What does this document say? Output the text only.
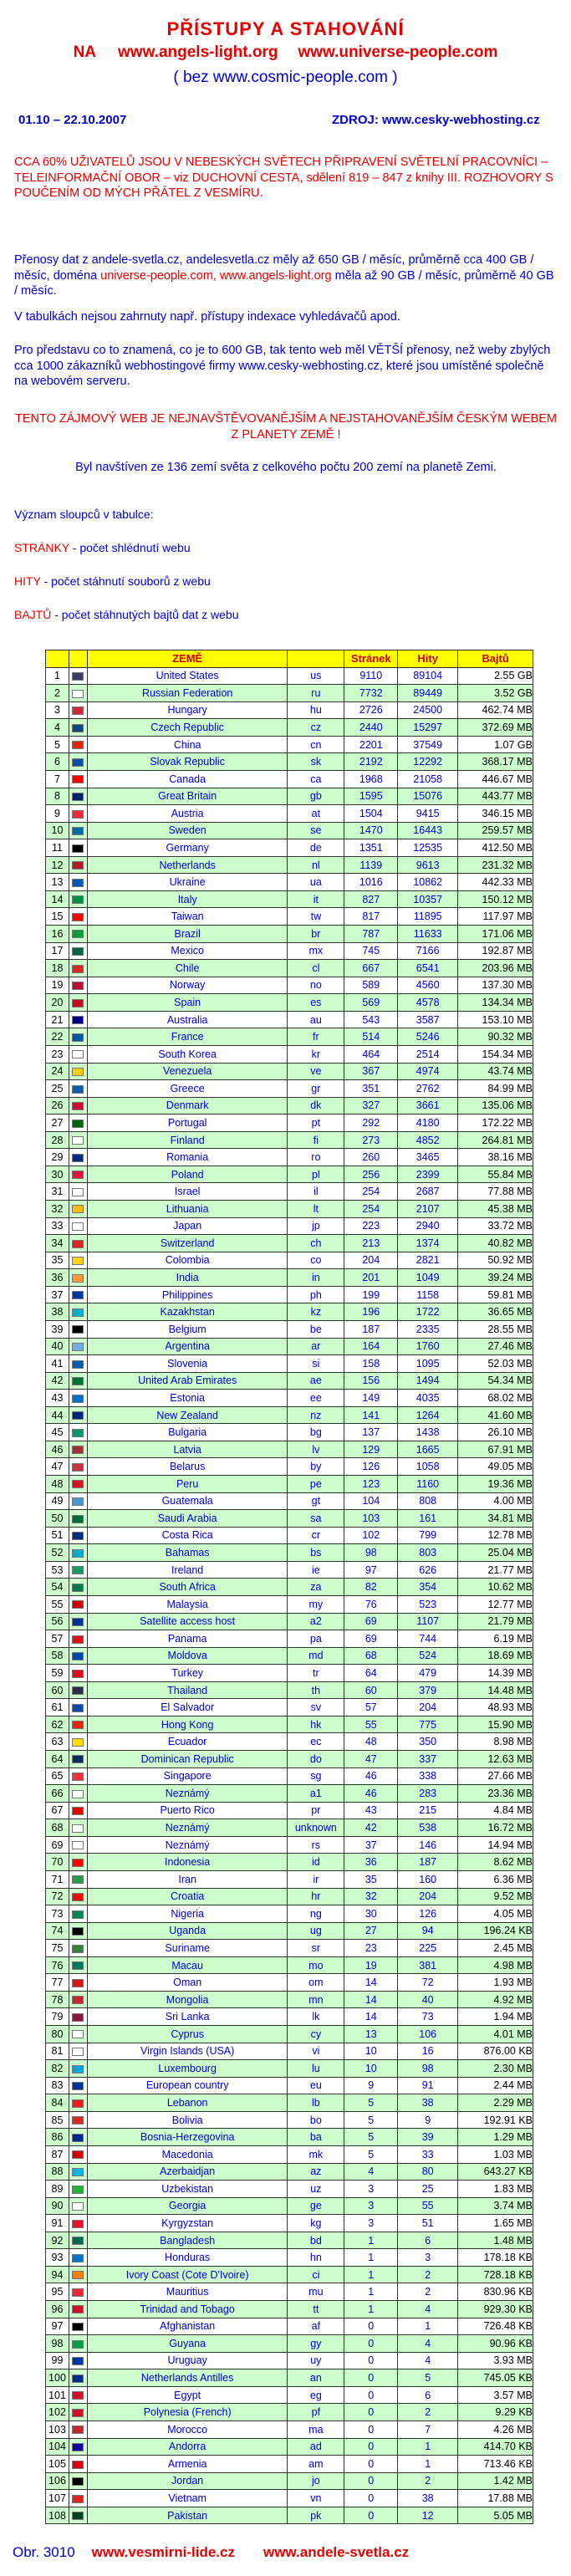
PŘÍSTUPY A STAHOVÁNÍ
NA www.angels-light.org www.universe-people.com
( bez www.cosmic-people.com )
01.10 – 22.10.2007	ZDROJ: www.cesky-webhosting.cz
CCA 60% UŽIVATELŮ JSOU V NEBESKÝCH SVĚTECH PŘIPRAVENÍ SVĚTELNÍ PRACOVNÍCI – TELEINFORMAČNÍ OBOR – viz DUCHOVNÍ CESTA, sdělení 819 – 847 z knihy III. ROZHOVORY S POUČENÍM OD MÝCH PŘÁTEL Z VESMÍRU.
Přenosy dat z andele-svetla.cz, andelesvetla.cz měly až 650 GB / měsíc, průměrně cca 400 GB / měsíc, doména universe-people.com, www.angels-light.org měla až 90 GB / měsíc, průměrně 40 GB / měsíc.
V tabulkách nejsou zahrnuty např. přístupy indexace vyhledávačů apod.
Pro představu co to znamená, co je to 600 GB, tak tento web měl VĚTŠÍ přenosy, než weby zbylých cca 1000 zákazníků webhostingové firmy www.cesky-webhosting.cz, které jsou umístěné společně na webovém serveru.
TENTO ZÁJMOVÝ WEB JE NEJNAVŠTĚVOVANĚJŠÍM A NEJSTAHOVANĚJŠÍM ČESKÝM WEBEM Z PLANETY ZEMĚ !
Byl navštíven ze 136 zemí světa z celkového počtu 200 zemí na planetě Zemi.
Význam sloupců v tabulce:
STRÁNKY - počet shlédnutí webu
HITY - počet stáhnutí souborů z webu
BAJTŮ - počet stáhnutých bajtů dat z webu
		ZEMĚ		Stránek	Hity	Bajtů
1		United States	us	9110	89104	2.55 GB
2		Russian Federation	ru	7732	89449	3.52 GB
3		Hungary	hu	2726	24500	462.74 MB
4		Czech Republic	cz	2440	15297	372.69 MB
5		China	cn	2201	37549	1.07 GB
6		Slovak Republic	sk	2192	12292	368.17 MB
7		Canada	ca	1968	21058	446.67 MB
8		Great Britain	gb	1595	15076	443.77 MB
9		Austria	at	1504	9415	346.15 MB
10		Sweden	se	1470	16443	259.57 MB
11		Germany	de	1351	12535	412.50 MB
12		Netherlands	nl	1139	9613	231.32 MB
13		Ukraine	ua	1016	10862	442.33 MB
14		Italy	it	827	10357	150.12 MB
15		Taiwan	tw	817	11895	117.97 MB
16		Brazil	br	787	11633	171.06 MB
17		Mexico	mx	745	7166	192.87 MB
18		Chile	cl	667	6541	203.96 MB
19		Norway	no	589	4560	137.30 MB
20		Spain	es	569	4578	134.34 MB
21		Australia	au	543	3587	153.10 MB
22		France	fr	514	5246	90.32 MB
23		South Korea	kr	464	2514	154.34 MB
24		Venezuela	ve	367	4974	43.74 MB
25		Greece	gr	351	2762	84.99 MB
26		Denmark	dk	327	3661	135.06 MB
27		Portugal	pt	292	4180	172.22 MB
28		Finland	fi	273	4852	264.81 MB
29		Romania	ro	260	3465	38.16 MB
30		Poland	pl	256	2399	55.84 MB
31		Israel	il	254	2687	77.88 MB
32		Lithuania	lt	254	2107	45.38 MB
33		Japan	jp	223	2940	33.72 MB
34		Switzerland	ch	213	1374	40.82 MB
35		Colombia	co	204	2821	50.92 MB
36		India	in	201	1049	39.24 MB
37		Philippines	ph	199	1158	59.81 MB
38		Kazakhstan	kz	196	1722	36.65 MB
39		Belgium	be	187	2335	28.55 MB
40		Argentina	ar	164	1760	27.46 MB
41		Slovenia	si	158	1095	52.03 MB
42		United Arab Emirates	ae	156	1494	54.34 MB
43		Estonia	ee	149	4035	68.02 MB
44		New Zealand	nz	141	1264	41.60 MB
45		Bulgaria	bg	137	1438	26.10 MB
46		Latvia	lv	129	1665	67.91 MB
47		Belarus	by	126	1058	49.05 MB
48		Peru	pe	123	1160	19.36 MB
49		Guatemala	gt	104	808	4.00 MB
50		Saudi Arabia	sa	103	161	34.81 MB
51		Costa Rica	cr	102	799	12.78 MB
52		Bahamas	bs	98	803	25.04 MB
53		Ireland	ie	97	626	21.77 MB
54		South Africa	za	82	354	10.62 MB
55		Malaysia	my	76	523	12.77 MB
56		Satellite access host	a2	69	1107	21.79 MB
57		Panama	pa	69	744	6.19 MB
58		Moldova	md	68	524	18.69 MB
59		Turkey	tr	64	479	14.39 MB
60		Thailand	th	60	379	14.48 MB
61		El Salvador	sv	57	204	48.93 MB
62		Hong Kong	hk	55	775	15.90 MB
63		Ecuador	ec	48	350	8.98 MB
64		Dominican Republic	do	47	337	12.63 MB
65		Singapore	sg	46	338	27.66 MB
66		Neznámý	a1	46	283	23.36 MB
67		Puerto Rico	pr	43	215	4.84 MB
68		Neznámý	unknown	42	538	16.72 MB
69		Neznámý	rs	37	146	14.94 MB
70		Indonesia	id	36	187	8.62 MB
71		Iran	ir	35	160	6.36 MB
72		Croatia	hr	32	204	9.52 MB
73		Nigeria	ng	30	126	4.05 MB
74		Uganda	ug	27	94	196.24 KB
75		Suriname	sr	23	225	2.45 MB
76		Macau	mo	19	381	4.98 MB
77		Oman	om	14	72	1.93 MB
78		Mongolia	mn	14	40	4.92 MB
79		Sri Lanka	lk	14	73	1.94 MB
80		Cyprus	cy	13	106	4.01 MB
81		Virgin Islands (USA)	vi	10	16	876.00 KB
82		Luxembourg	lu	10	98	2.30 MB
83		European country	eu	9	91	2.44 MB
84		Lebanon	lb	5	38	2.29 MB
85		Bolivia	bo	5	9	192.91 KB
86		Bosnia-Herzegovina	ba	5	39	1.29 MB
87		Macedonia	mk	5	33	1.03 MB
88		Azerbaidjan	az	4	80	643.27 KB
89		Uzbekistan	uz	3	25	1.83 MB
90		Georgia	ge	3	55	3.74 MB
91		Kyrgyzstan	kg	3	51	1.65 MB
92		Bangladesh	bd	1	6	1.48 MB
93		Honduras	hn	1	3	178.18 KB
94		Ivory Coast (Cote D'Ivoire)	ci	1	2	728.18 KB
95		Mauritius	mu	1	2	830.96 KB
96		Trinidad and Tobago	tt	1	4	929.30 KB
97		Afghanistan	af	0	1	726.48 KB
98		Guyana	gy	0	4	90.96 KB
99		Uruguay	uy	0	4	3.93 MB
100		Netherlands Antilles	an	0	5	745.05 KB
101		Egypt	eg	0	6	3.57 MB
102		Polynesia (French)	pf	0	2	9.29 KB
103		Morocco	ma	0	7	4.26 MB
104		Andorra	ad	0	1	414.70 KB
105		Armenia	am	0	1	713.46 KB
106		Jordan	jo	0	2	1.42 MB
107		Vietnam	vn	0	38	17.88 MB
108		Pakistan	pk	0	12	5.05 MB
Obr. 3010 www.vesmirni-lide.cz www.andele-svetla.cz
